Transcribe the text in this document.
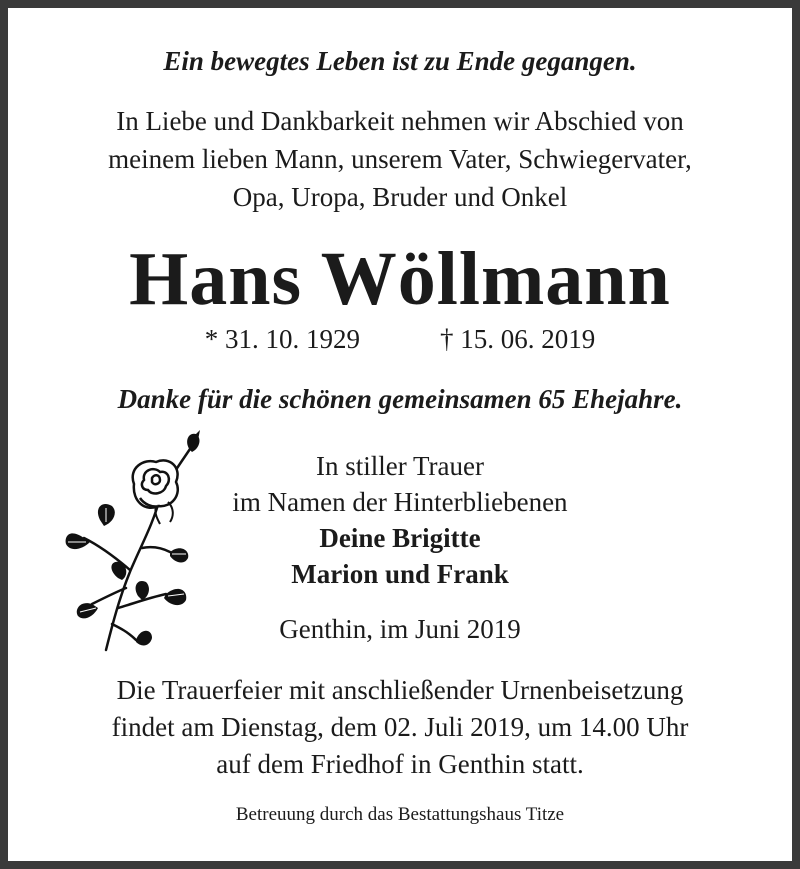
Ein bewegtes Leben ist zu Ende gegangen.
In Liebe und Dankbarkeit nehmen wir Abschied von
meinem lieben Mann, unserem Vater, Schwiegervater,
Opa, Uropa, Bruder und Onkel
Hans Wöllmann
* 31. 10. 1929	† 15. 06. 2019
Danke für die schönen gemeinsamen 65 Ehejahre.
In stiller Trauer
im Namen der Hinterbliebenen
Deine Brigitte
Marion und Frank
Genthin, im Juni 2019
Die Trauerfeier mit anschließender Urnenbeisetzung
findet am Dienstag, dem 02. Juli 2019, um 14.00 Uhr
auf dem Friedhof in Genthin statt.
Betreuung durch das Bestattungshaus Titze
